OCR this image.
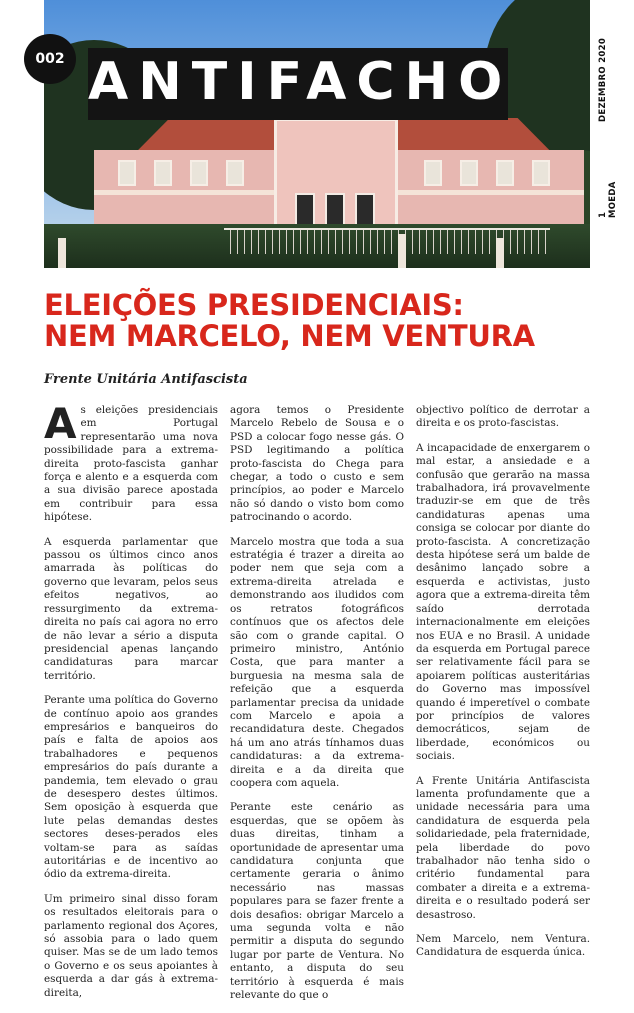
ANTIFACHO
002	DEZEMBRO 2020
1 MOEDA
ELEIÇÕES PRESIDENCIAIS:
NEM MARCELO, NEM VENTURA
Frente Unitária Antifascista

As eleições presidenciais em Portugal representarão uma nova possibilidade para a extrema-direita proto-fascista ganhar força e alento e a esquerda com a sua divisão parece apostada em contribuir para essa hipótese.

A esquerda parlamentar que passou os últimos cinco anos amarrada às políticas do governo que levaram, pelos seus efeitos negativos, ao ressurgimento da extrema-direita no país cai agora no erro de não levar a sério a disputa presidencial apenas lançando candidaturas para marcar território.

Perante uma política do Governo de contínuo apoio aos grandes empresários e banqueiros do país e falta de apoios aos trabalhadores e pequenos empresários do país durante a pandemia, tem elevado o grau de desespero destes últimos. Sem oposição à esquerda que lute pelas demandas destes sectores deses-perados eles voltam-se para as saídas autoritárias e de incentivo ao ódio da extrema-direita.

Um primeiro sinal disso foram os resultados eleitorais para o parlamento regional dos Açores, só assobia para o lado quem quiser. Mas se de um lado temos o Governo e os seus apoiantes à esquerda a dar gás à extrema-direita,

agora temos o Presidente Marcelo Rebelo de Sousa e o PSD a colocar fogo nesse gás. O PSD legitimando a política proto-fascista do Chega para chegar, a todo o custo e sem princípios, ao poder e Marcelo não só dando o visto bom como patrocinando o acordo.

Marcelo mostra que toda a sua estratégia é trazer a direita ao poder nem que seja com a extrema-direita atrelada e demonstrando aos iludidos com os retratos fotográficos contínuos que os afectos dele são com o grande capital. O primeiro ministro, António Costa, que para manter a burguesia na mesma sala de refeição que a esquerda parlamentar precisa da unidade com Marcelo e apoia a recandidatura deste. Chegados há um ano atrás tínhamos duas candidaturas: a da extrema-direita e a da direita que coopera com aquela.

Perante este cenário as esquerdas, que se opõem às duas direitas, tinham a oportunidade de apresentar uma candidatura conjunta que certamente geraria o ânimo necessário nas massas populares para se fazer frente a dois desafios: obrigar Marcelo a uma segunda volta e não permitir a disputa do segundo lugar por parte de Ventura. No entanto, a disputa do seu território à esquerda é mais relevante do que o

objectivo político de derrotar a direita e os proto-fascistas.

A incapacidade de enxergarem o mal estar, a ansiedade e a confusão que gerarão na massa trabalhadora, irá provavelmente traduzir-se em que de três candidaturas apenas uma consiga se colocar por diante do proto-fascista. A concretização desta hipótese será um balde de desânimo lançado sobre a esquerda e activistas, justo agora que a extrema-direita têm saído derrotada internacionalmente em eleições nos EUA e no Brasil. A unidade da esquerda em Portugal parece ser relativamente fácil para se apoiarem políticas austeritárias do Governo mas impossível quando é imperetível o combate por princípios de valores democráticos, sejam de liberdade, económicos ou sociais.

A Frente Unitária Antifascista lamenta profundamente que a unidade necessária para uma candidatura de esquerda pela solidariedade, pela fraternidade, pela liberdade do povo trabalhador não tenha sido o critério fundamental para combater a direita e a extrema-direita e o resultado poderá ser desastroso.

Nem Marcelo, nem Ventura. Candidatura de esquerda única.
